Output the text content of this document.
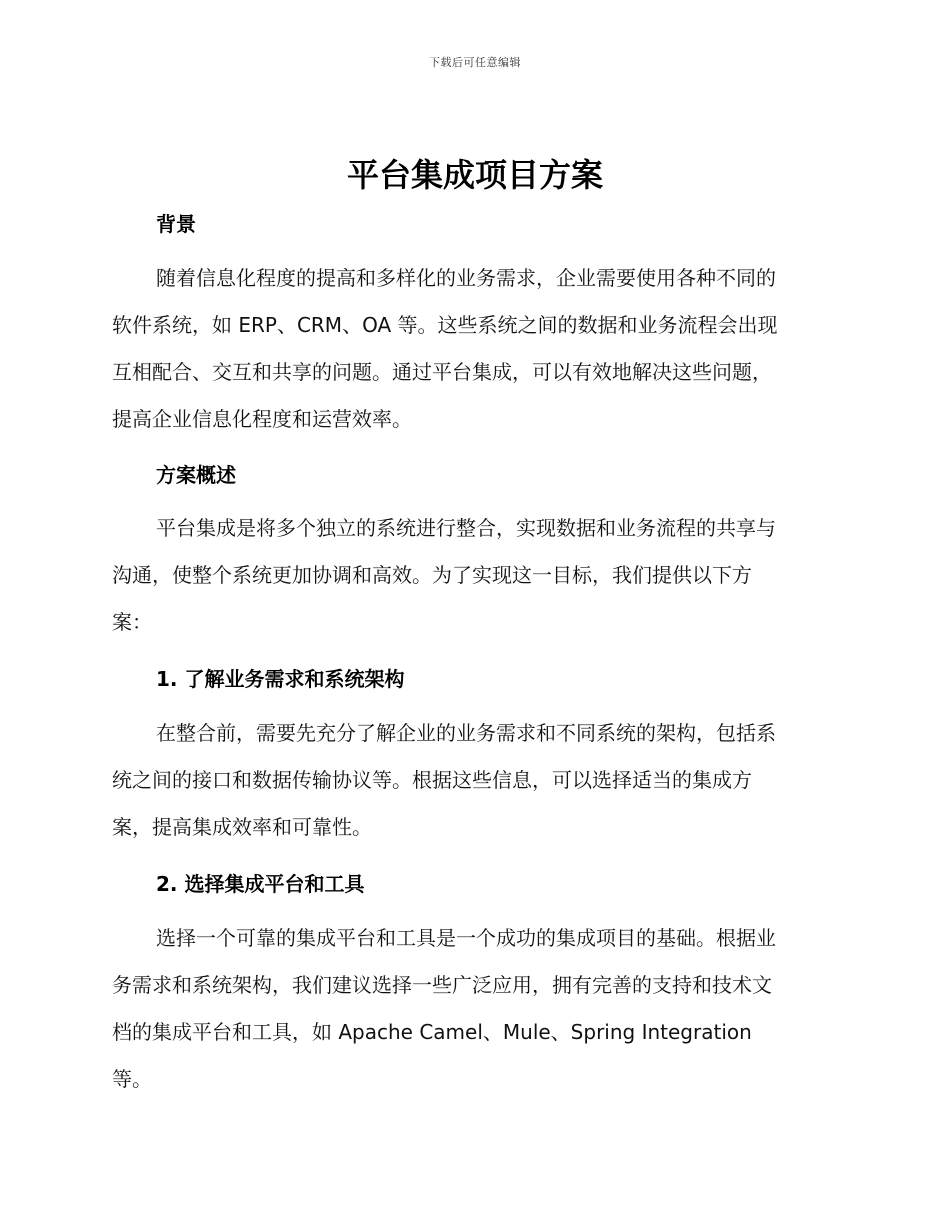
下载后可任意编辑
平台集成项目方案
背景
随着信息化程度的提高和多样化的业务需求，企业需要使用各种不同的
软件系统，如 ERP、CRM、OA 等。这些系统之间的数据和业务流程会出现
互相配合、交互和共享的问题。通过平台集成，可以有效地解决这些问题，
提高企业信息化程度和运营效率。
方案概述
平台集成是将多个独立的系统进行整合，实现数据和业务流程的共享与
沟通，使整个系统更加协调和高效。为了实现这一目标，我们提供以下方
案：
1. 了解业务需求和系统架构
在整合前，需要先充分了解企业的业务需求和不同系统的架构，包括系
统之间的接口和数据传输协议等。根据这些信息，可以选择适当的集成方
案，提高集成效率和可靠性。
2. 选择集成平台和工具
选择一个可靠的集成平台和工具是一个成功的集成项目的基础。根据业
务需求和系统架构，我们建议选择一些广泛应用，拥有完善的支持和技术文
档的集成平台和工具，如 Apache Camel、Mule、Spring Integration
等。
